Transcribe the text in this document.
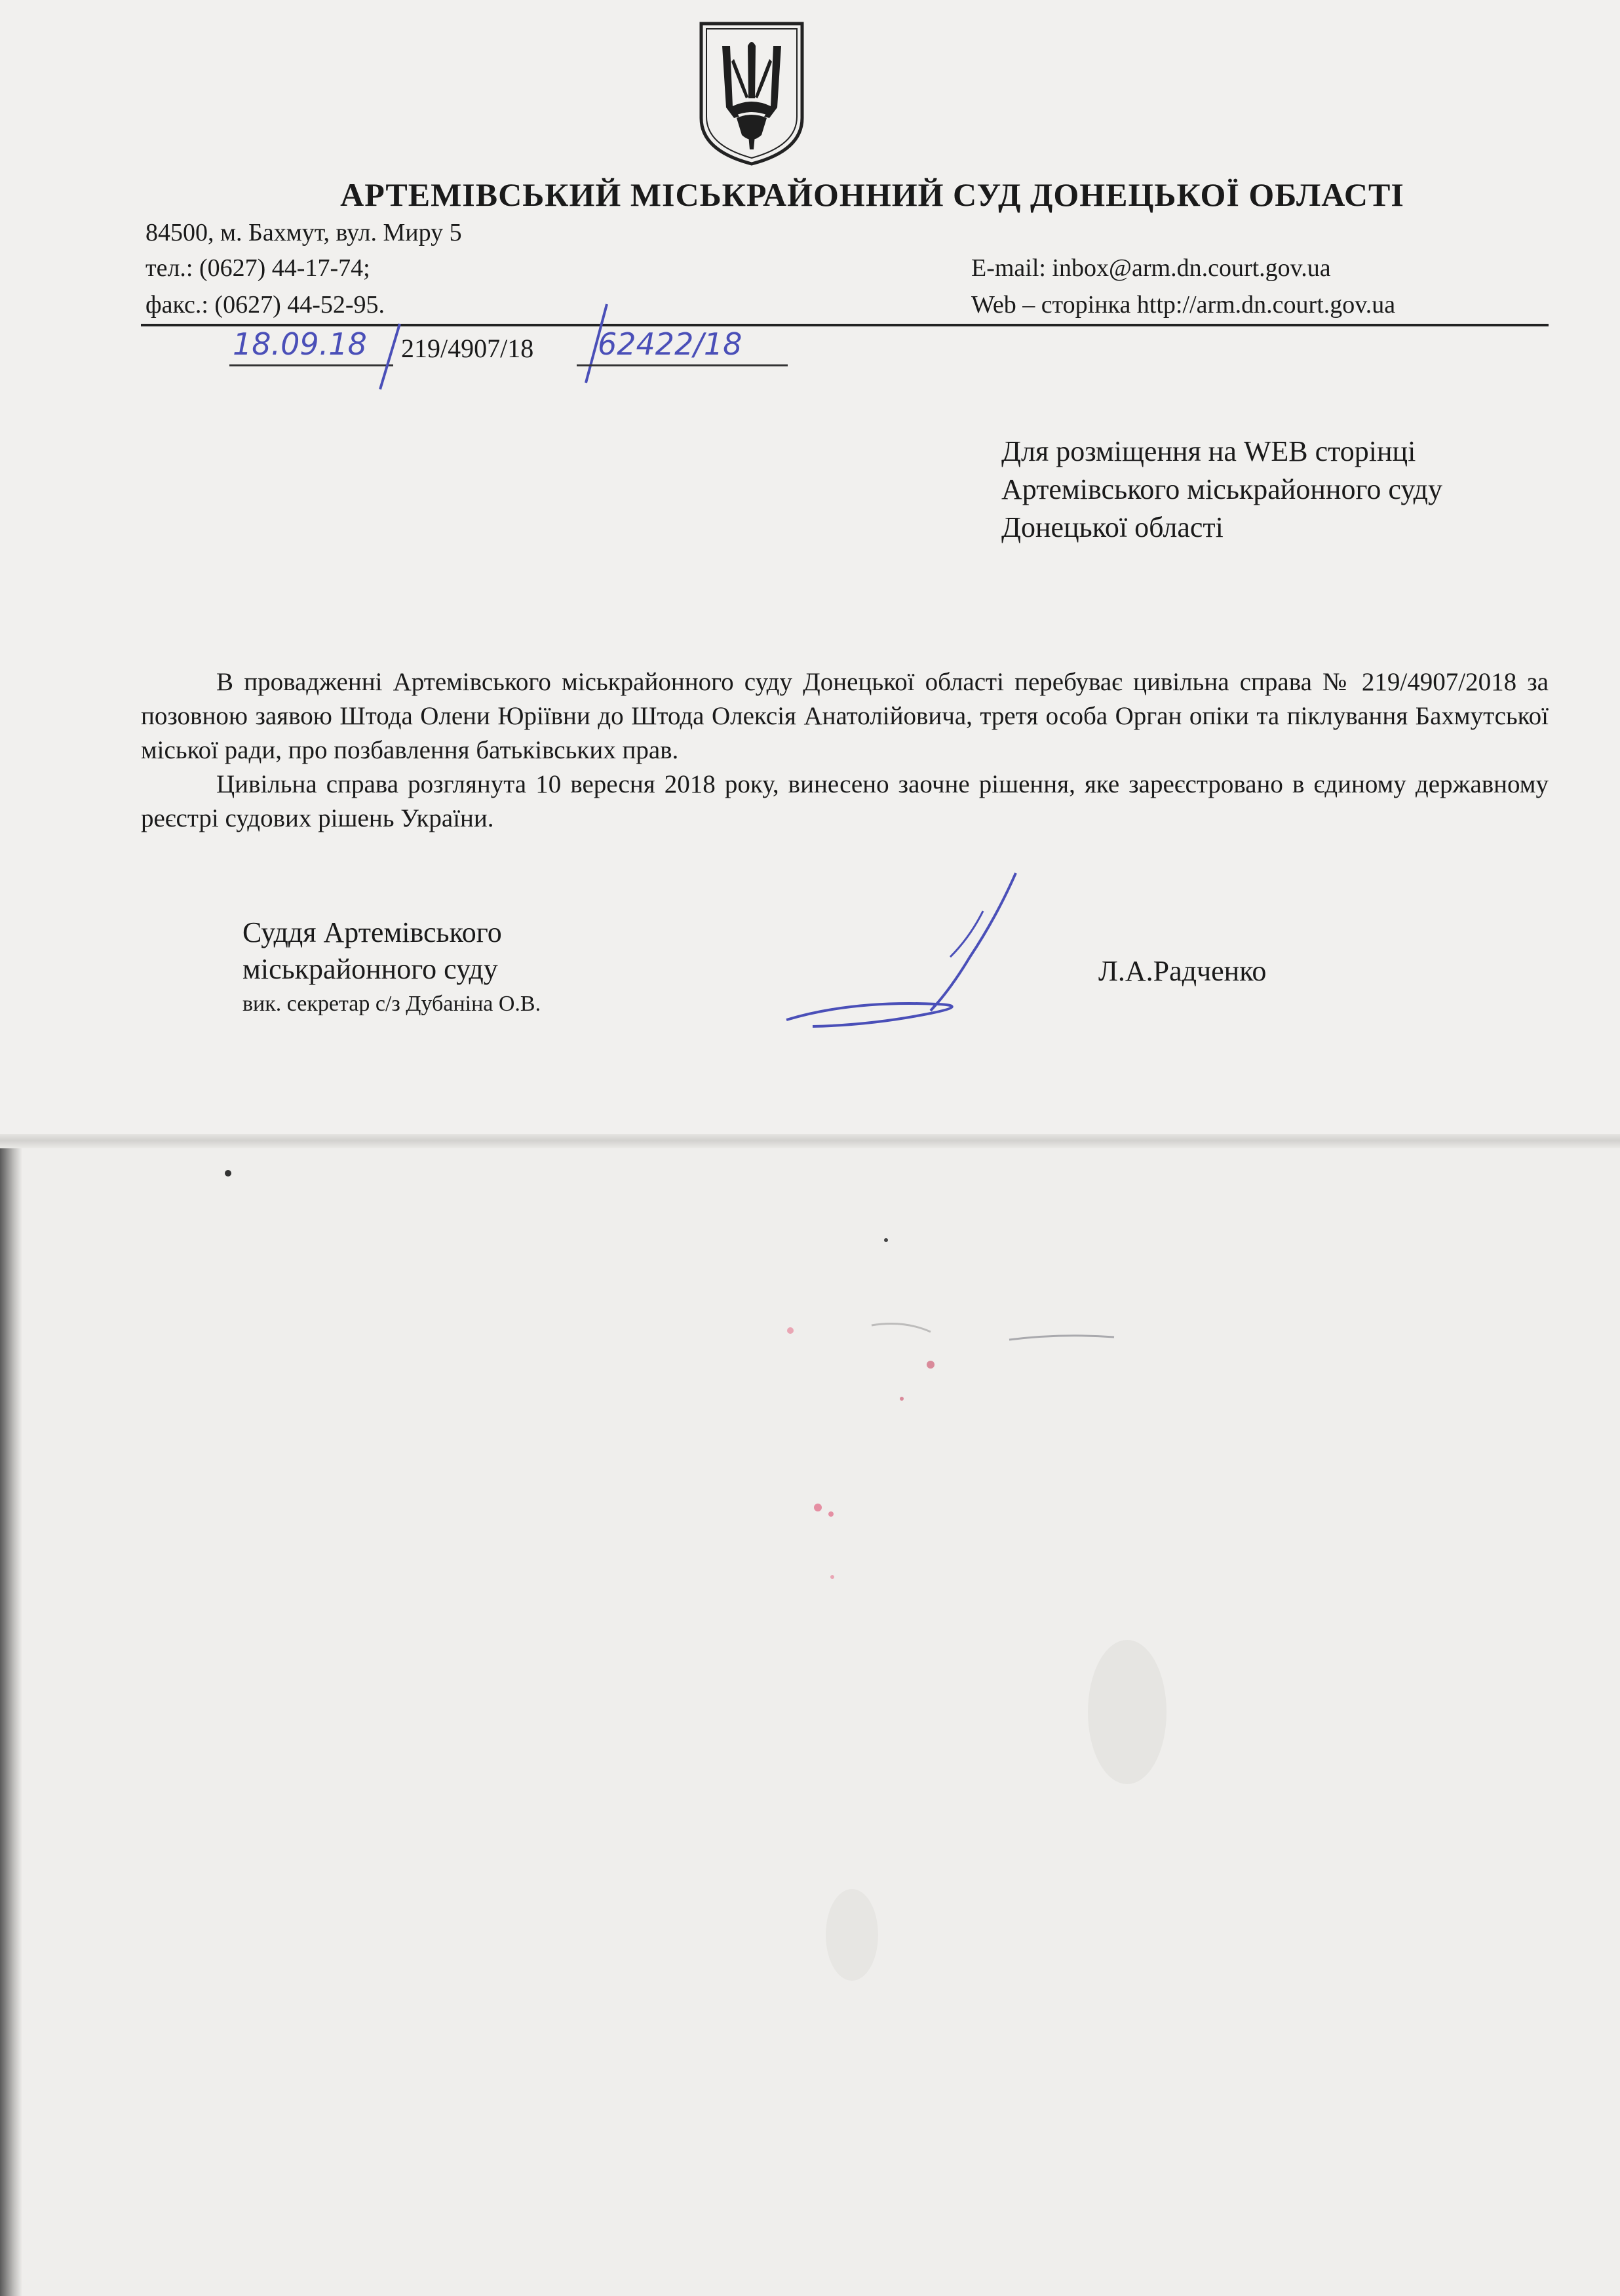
АРТЕМІВСЬКИЙ МІСЬКРАЙОННИЙ СУД ДОНЕЦЬКОЇ ОБЛАСТІ
84500, м. Бахмут, вул. Миру 5
тел.: (0627) 44-17-74;
факс.: (0627) 44-52-95.
E-mail: inbox@arm.dn.court.gov.ua
Web – сторінка http://arm.dn.court.gov.ua
18.09.18 219/4907/18 62422/18
Для розміщення на WEB сторінці
Артемівського міськрайонного суду
Донецької області
В провадженні Артемівського міськрайонного суду Донецької області перебуває цивільна справа № 219/4907/2018 за позовною заявою Штода Олени Юріївни до Штода Олексія Анатолійовича, третя особа Орган опіки та піклування Бахмутської міської ради, про позбавлення батьківських прав.
Цивільна справа розглянута 10 вересня 2018 року, винесено заочне рішення, яке зареєстровано в єдиному державному реєстрі судових рішень України.
Суддя Артемівського
міськрайонного суду
вик. секретар с/з Дубаніна О.В.
Л.А.Радченко
